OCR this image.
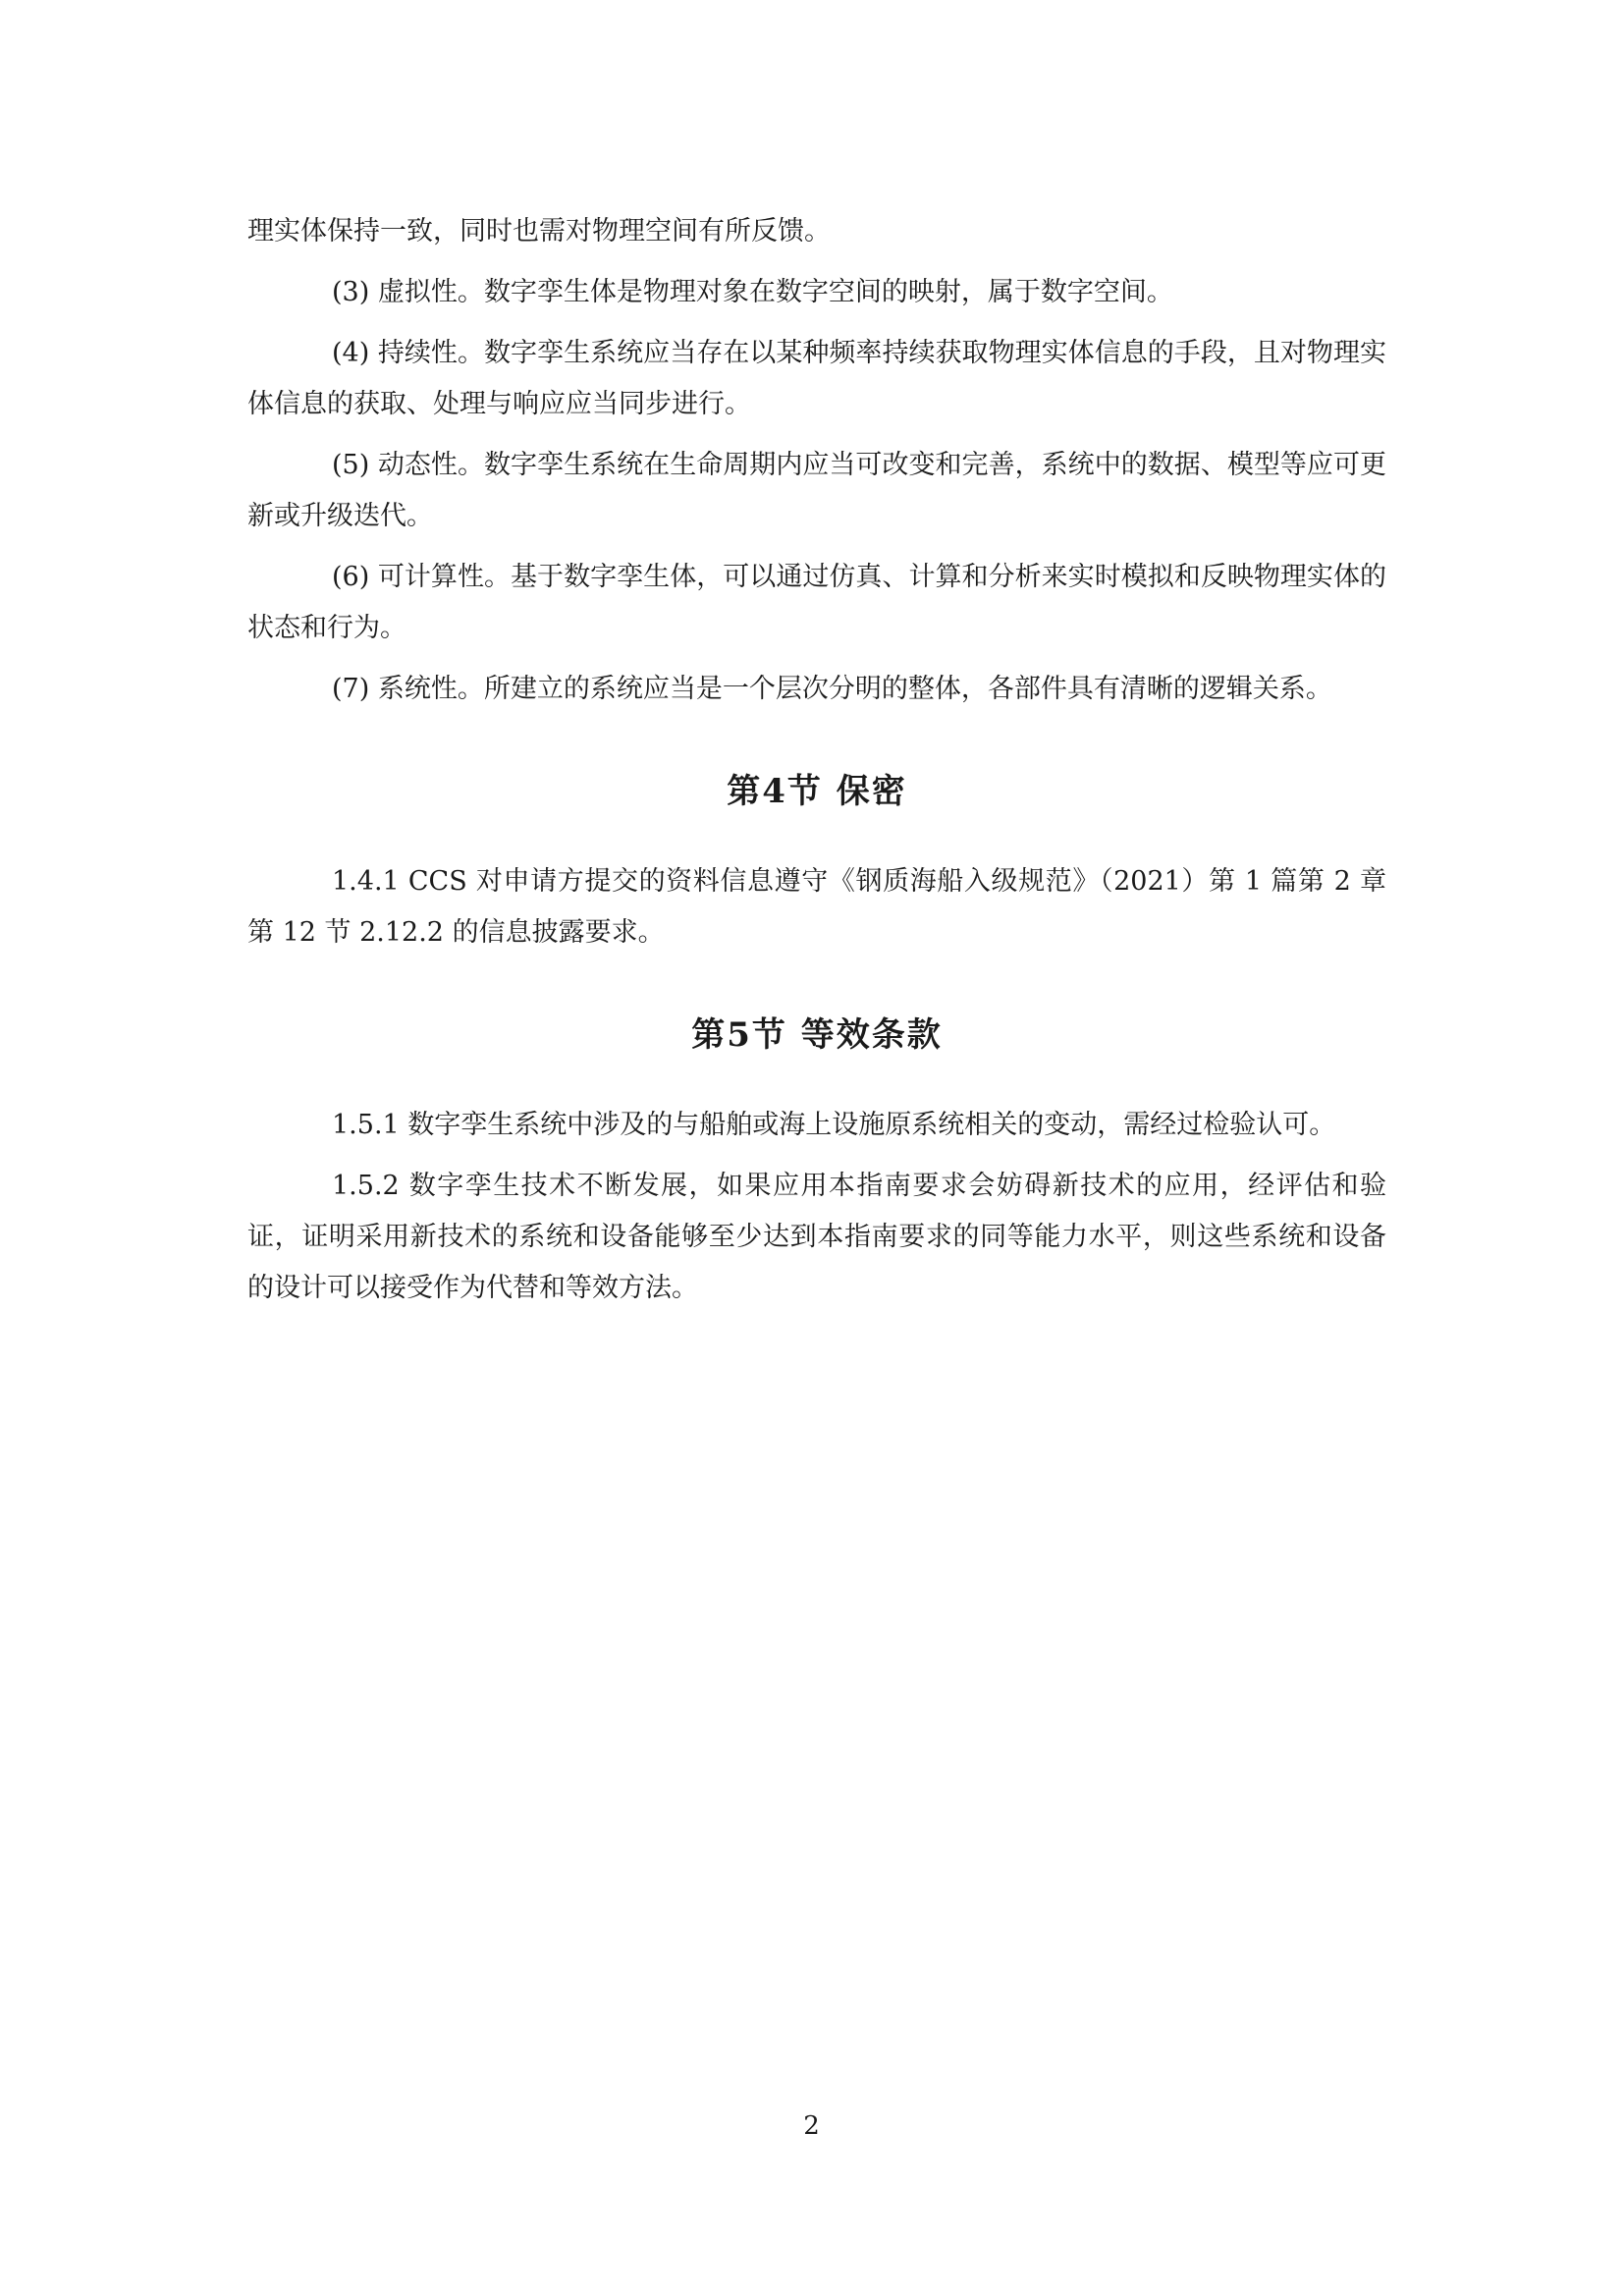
理实体保持一致，同时也需对物理空间有所反馈。

(3) 虚拟性。数字孪生体是物理对象在数字空间的映射，属于数字空间。

(4) 持续性。数字孪生系统应当存在以某种频率持续获取物理实体信息的手段，且对物理实体信息的获取、处理与响应应当同步进行。

(5) 动态性。数字孪生系统在生命周期内应当可改变和完善，系统中的数据、模型等应可更新或升级迭代。

(6) 可计算性。基于数字孪生体，可以通过仿真、计算和分析来实时模拟和反映物理实体的状态和行为。

(7) 系统性。所建立的系统应当是一个层次分明的整体，各部件具有清晰的逻辑关系。

第4节 保密

1.4.1 CCS 对申请方提交的资料信息遵守《钢质海船入级规范》（2021）第 1 篇第 2 章第 12 节 2.12.2 的信息披露要求。

第5节 等效条款

1.5.1 数字孪生系统中涉及的与船舶或海上设施原系统相关的变动，需经过检验认可。

1.5.2 数字孪生技术不断发展，如果应用本指南要求会妨碍新技术的应用，经评估和验证，证明采用新技术的系统和设备能够至少达到本指南要求的同等能力水平，则这些系统和设备的设计可以接受作为代替和等效方法。

2
